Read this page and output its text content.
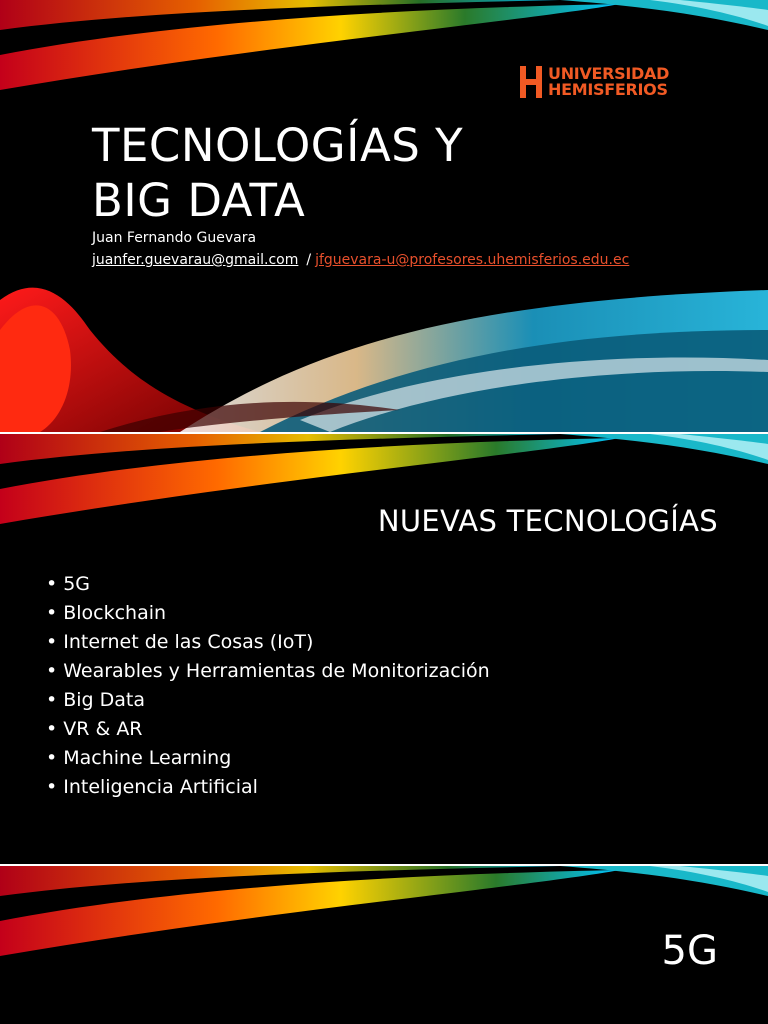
UNIVERSIDAD
HEMISFERIOS
TECNOLOGÍAS Y
BIG DATA
Juan Fernando Guevara
juanfer.guevarau@gmail.com / jfguevara-u@profesores.uhemisferios.edu.ec
NUEVAS TECNOLOGÍAS
• 5G
• Blockchain
• Internet de las Cosas (IoT)
• Wearables y Herramientas de Monitorización
• Big Data
• VR & AR
• Machine Learning
• Inteligencia Artificial
5G
